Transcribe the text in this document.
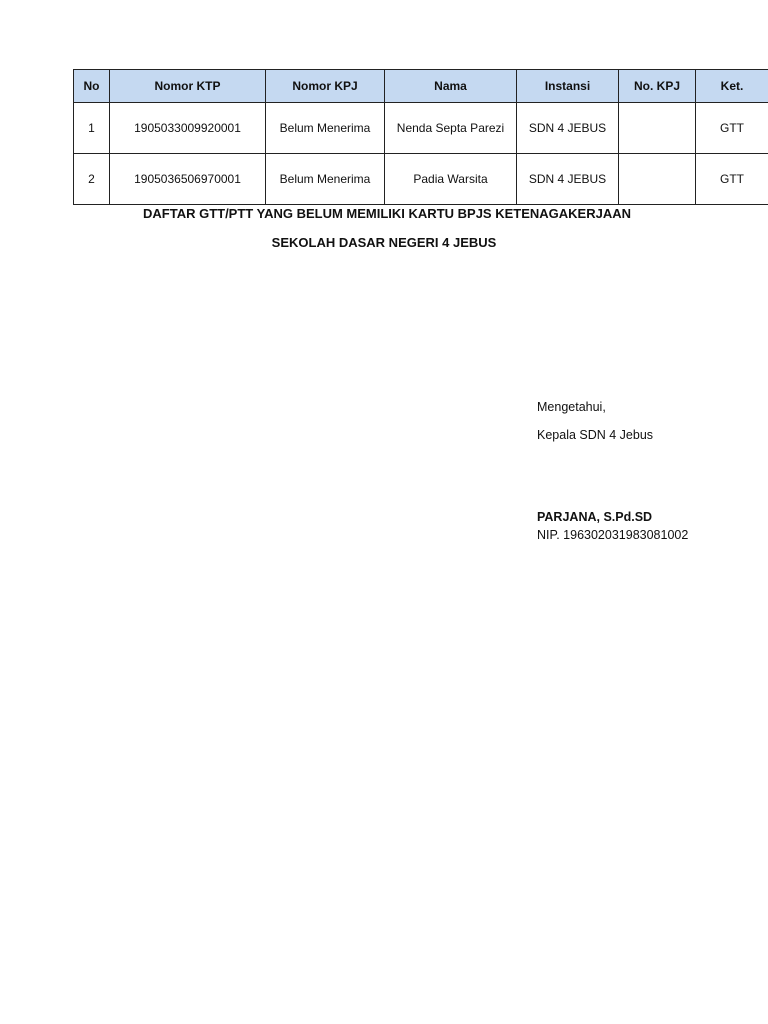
No	Nomor KTP	Nomor KPJ	Nama	Instansi	No. KPJ	Ket.
1	1905033009920001	Belum Menerima	Nenda Septa Parezi	SDN 4 JEBUS		GTT
2	1905036506970001	Belum Menerima	Padia Warsita	SDN 4 JEBUS		GTT
DAFTAR GTT/PTT YANG BELUM MEMILIKI KARTU BPJS KETENAGAKERJAAN
SEKOLAH DASAR NEGERI 4 JEBUS
Mengetahui,
Kepala SDN 4 Jebus
PARJANA, S.Pd.SD
NIP. 196302031983081002
